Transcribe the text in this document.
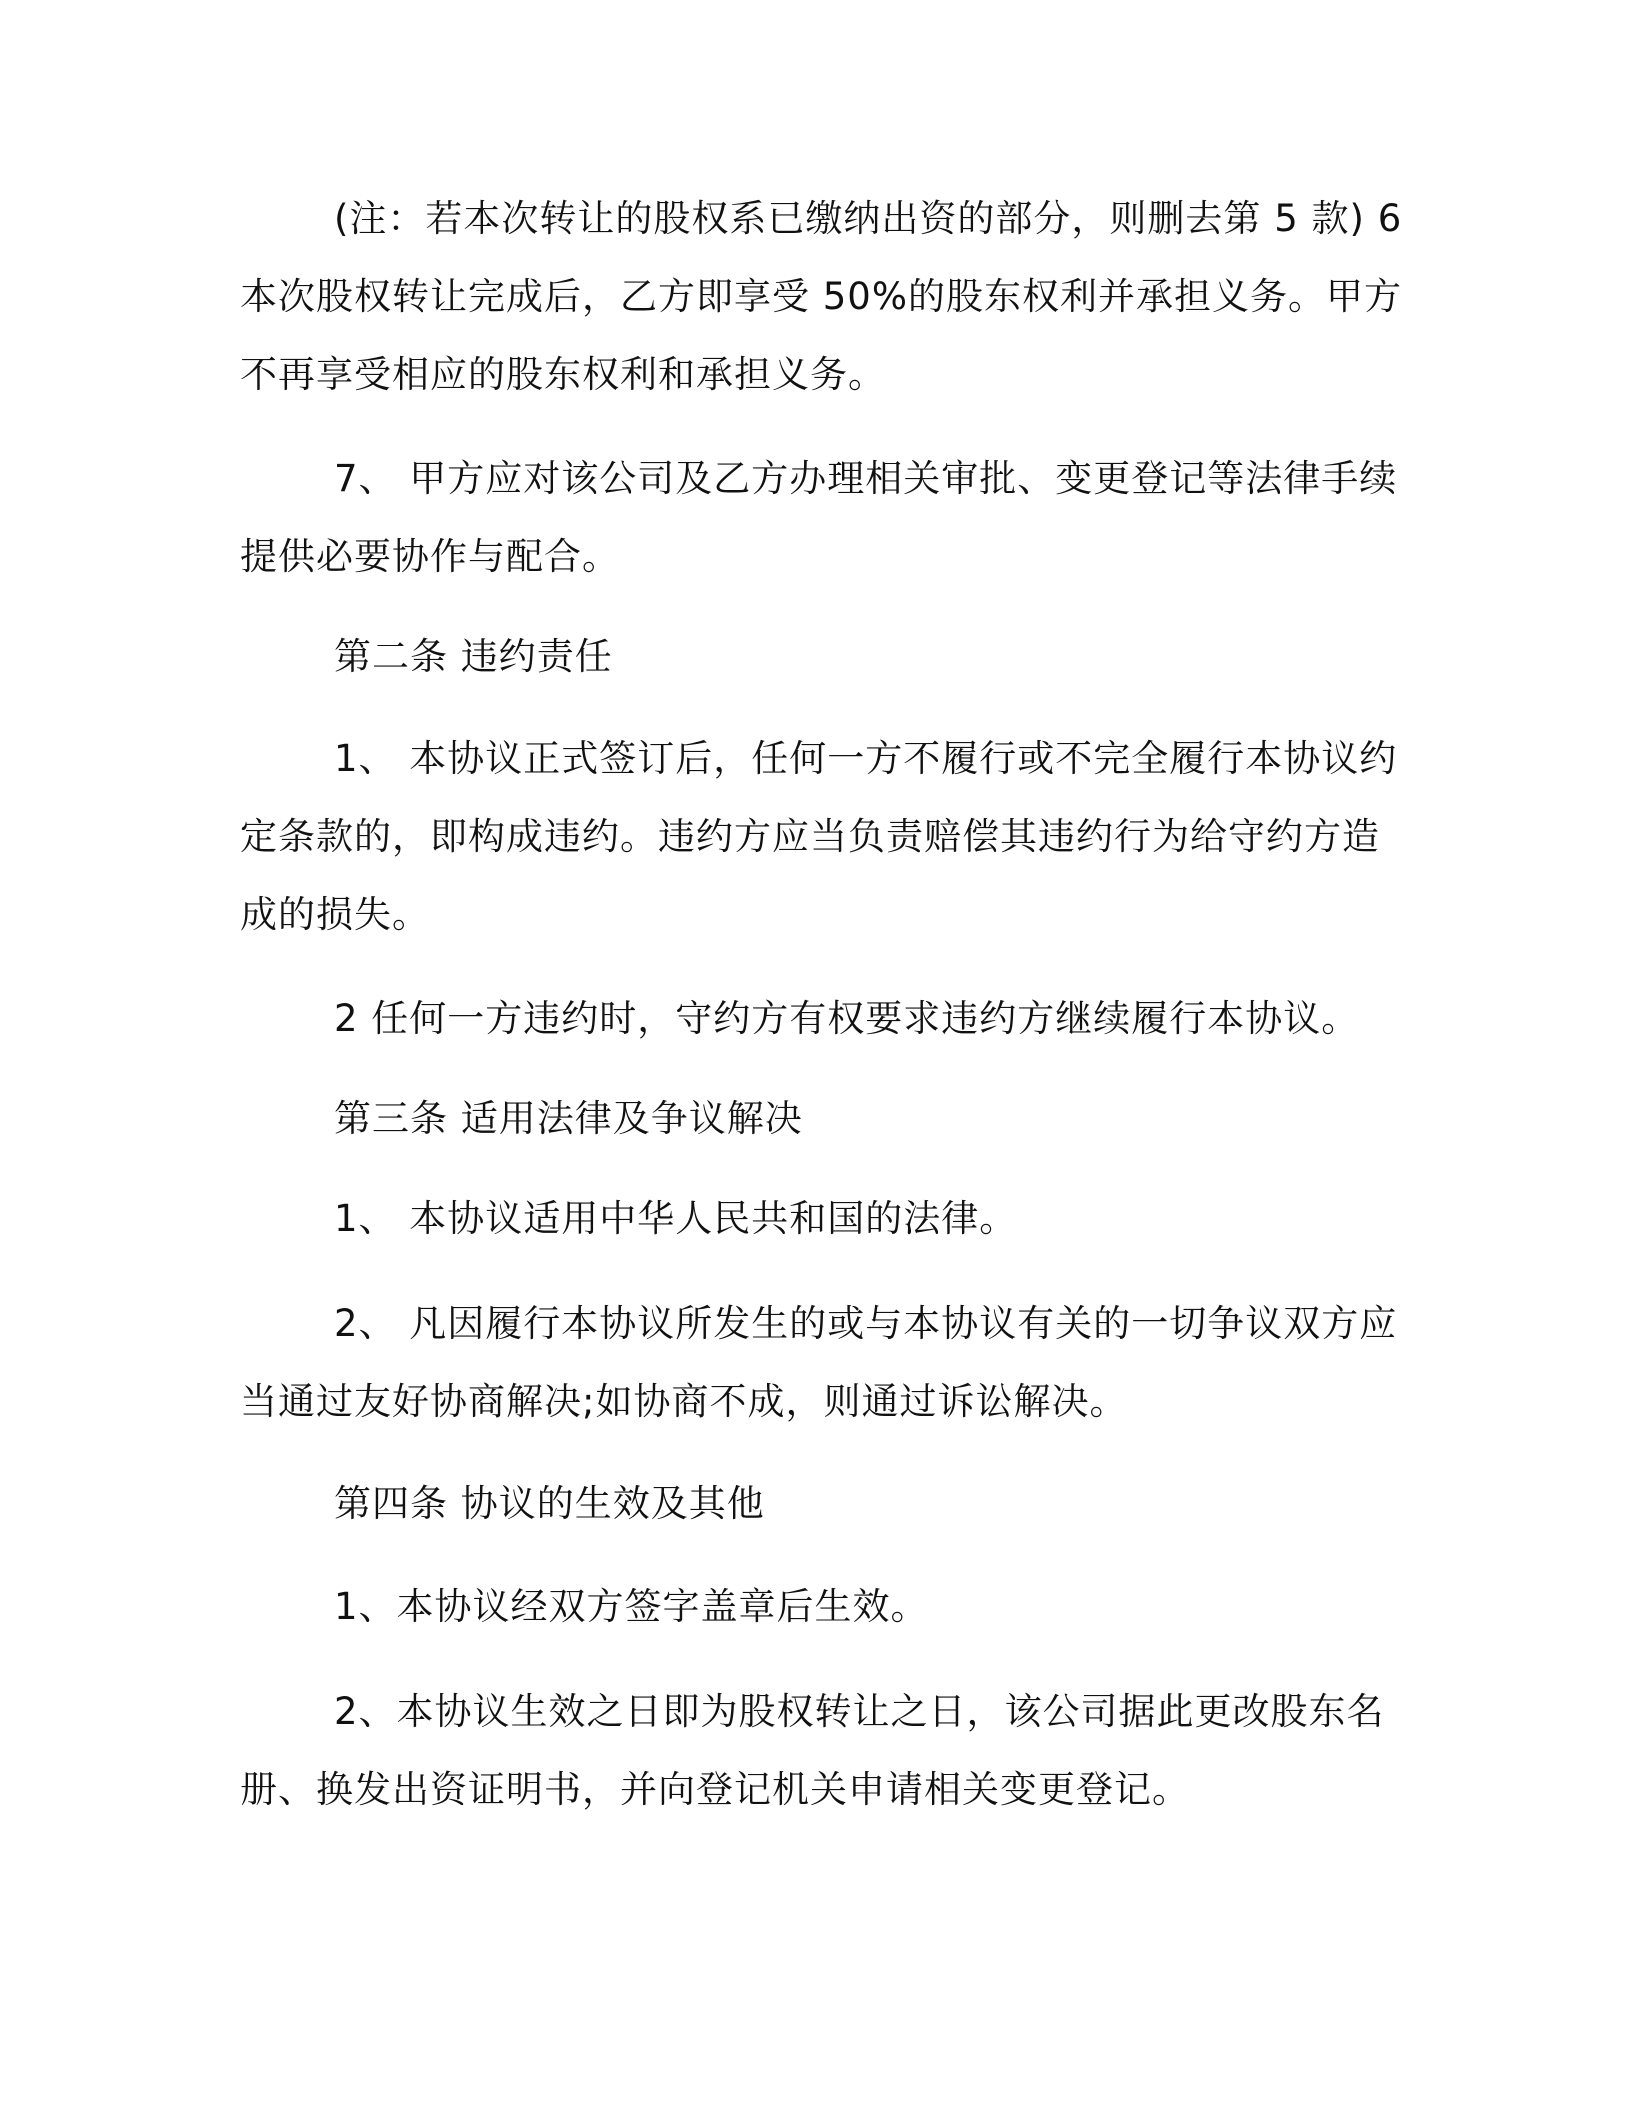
(注：若本次转让的股权系已缴纳出资的部分，则删去第 5 款) 6
本次股权转让完成后，乙方即享受 50%的股东权利并承担义务。甲方
不再享受相应的股东权利和承担义务。
7、 甲方应对该公司及乙方办理相关审批、变更登记等法律手续
提供必要协作与配合。
第二条 违约责任
1、 本协议正式签订后，任何一方不履行或不完全履行本协议约
定条款的，即构成违约。违约方应当负责赔偿其违约行为给守约方造
成的损失。
2 任何一方违约时，守约方有权要求违约方继续履行本协议。
第三条 适用法律及争议解决
1、 本协议适用中华人民共和国的法律。
2、 凡因履行本协议所发生的或与本协议有关的一切争议双方应
当通过友好协商解决;如协商不成，则通过诉讼解决。
第四条 协议的生效及其他
1、本协议经双方签字盖章后生效。
2、本协议生效之日即为股权转让之日，该公司据此更改股东名
册、换发出资证明书，并向登记机关申请相关变更登记。
